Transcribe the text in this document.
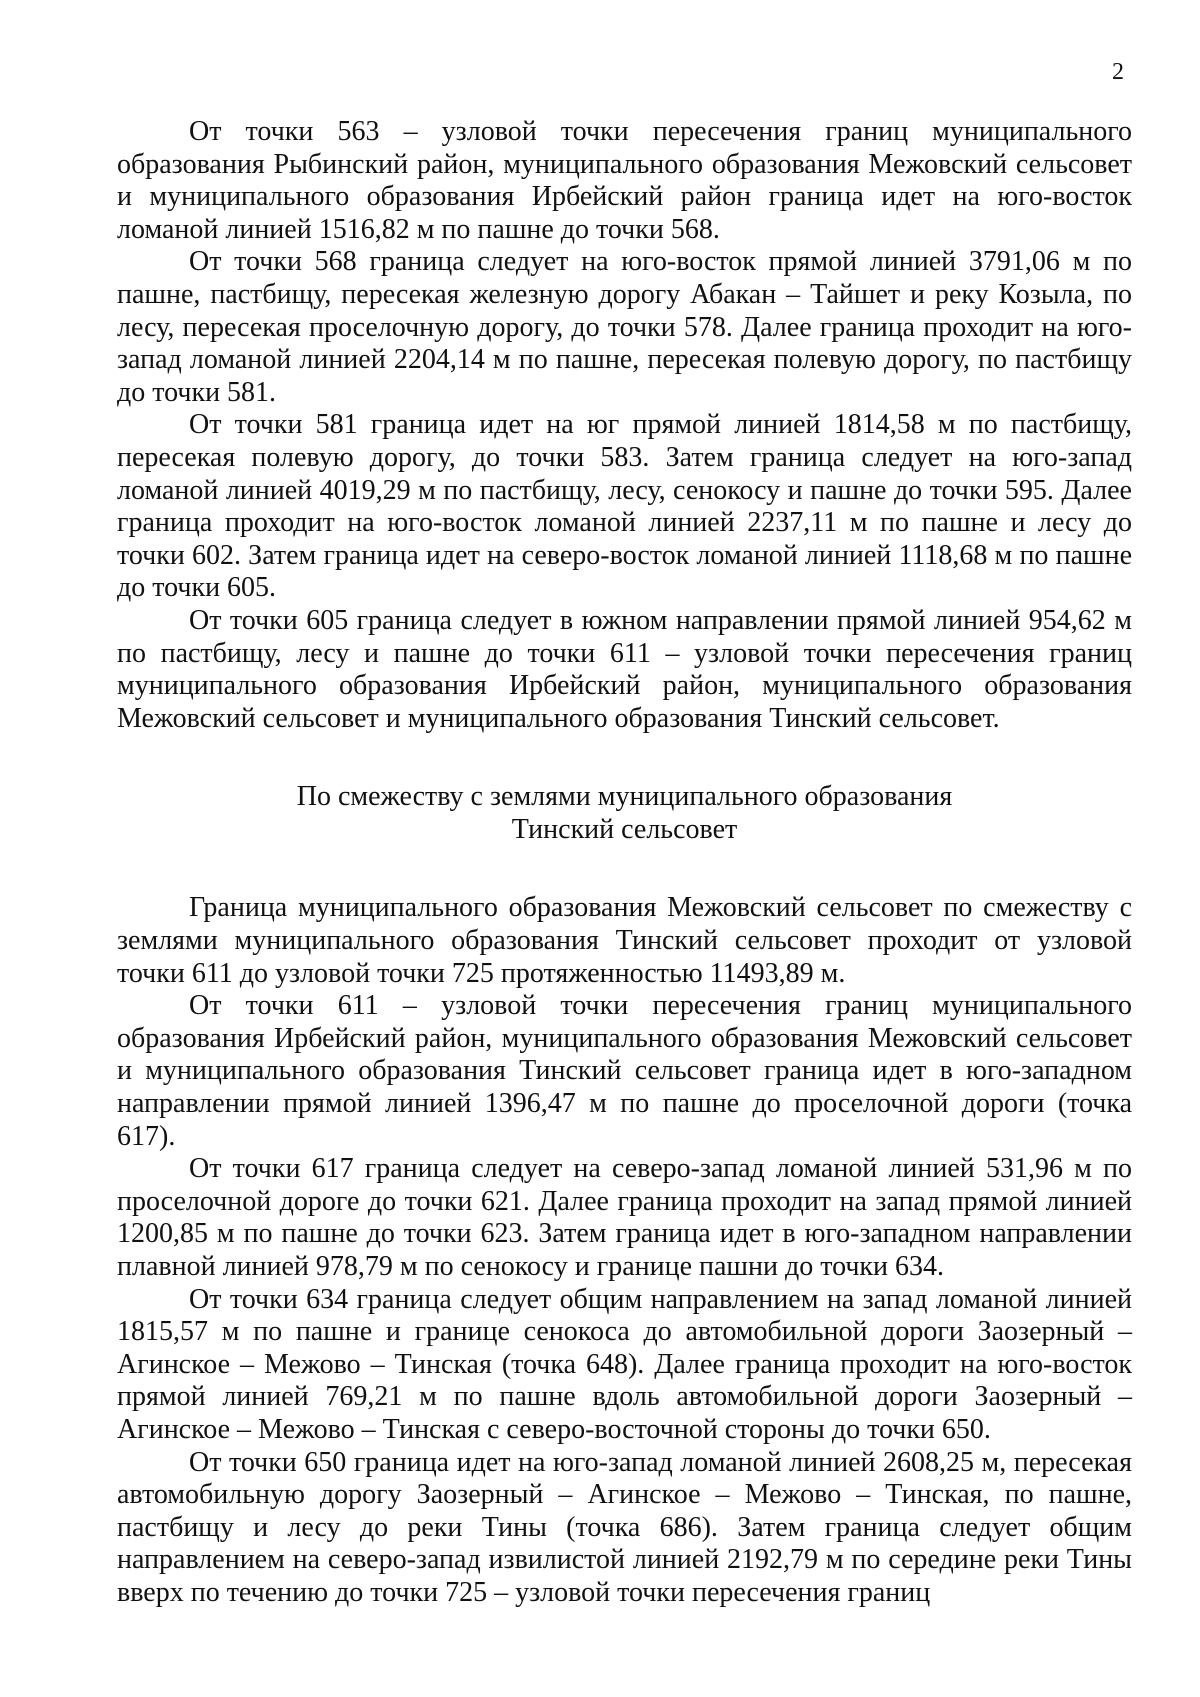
2

От точки 563 – узловой точки пересечения границ муниципального образования Рыбинский район, муниципального образования Межовский сельсовет и муниципального образования Ирбейский район граница идет на юго-восток ломаной линией 1516,82 м по пашне до точки 568.

От точки 568 граница следует на юго-восток прямой линией 3791,06 м по пашне, пастбищу, пересекая железную дорогу Абакан – Тайшет и реку Козыла, по лесу, пересекая проселочную дорогу, до точки 578. Далее граница проходит на юго-запад ломаной линией 2204,14 м по пашне, пересекая полевую дорогу, по пастбищу до точки 581.

От точки 581 граница идет на юг прямой линией 1814,58 м по пастбищу, пересекая полевую дорогу, до точки 583. Затем граница следует на юго-запад ломаной линией 4019,29 м по пастбищу, лесу, сенокосу и пашне до точки 595. Далее граница проходит на юго-восток ломаной линией 2237,11 м по пашне и лесу до точки 602. Затем граница идет на северо-восток ломаной линией 1118,68 м по пашне до точки 605.

От точки 605 граница следует в южном направлении прямой линией 954,62 м по пастбищу, лесу и пашне до точки 611 – узловой точки пересечения границ муниципального образования Ирбейский район, муниципального образования Межовский сельсовет и муниципального образования Тинский сельсовет.

По смежеству с землями муниципального образования
Тинский сельсовет

Граница муниципального образования Межовский сельсовет по смежеству с землями муниципального образования Тинский сельсовет проходит от узловой точки 611 до узловой точки 725 протяженностью 11493,89 м.

От точки 611 – узловой точки пересечения границ муниципального образования Ирбейский район, муниципального образования Межовский сельсовет и муниципального образования Тинский сельсовет граница идет в юго-западном направлении прямой линией 1396,47 м по пашне до проселочной дороги (точка 617).

От точки 617 граница следует на северо-запад ломаной линией 531,96 м по проселочной дороге до точки 621. Далее граница проходит на запад прямой линией 1200,85 м по пашне до точки 623. Затем граница идет в юго-западном направлении плавной линией 978,79 м по сенокосу и границе пашни до точки 634.

От точки 634 граница следует общим направлением на запад ломаной линией 1815,57 м по пашне и границе сенокоса до автомобильной дороги Заозерный – Агинское – Межово – Тинская (точка 648). Далее граница проходит на юго-восток прямой линией 769,21 м по пашне вдоль автомобильной дороги Заозерный – Агинское – Межово – Тинская с северо-восточной стороны до точки 650.

От точки 650 граница идет на юго-запад ломаной линией 2608,25 м, пересекая автомобильную дорогу Заозерный – Агинское – Межово – Тинская, по пашне, пастбищу и лесу до реки Тины (точка 686). Затем граница следует общим направлением на северо-запад извилистой линией 2192,79 м по середине реки Тины вверх по течению до точки 725 – узловой точки пересечения границ
